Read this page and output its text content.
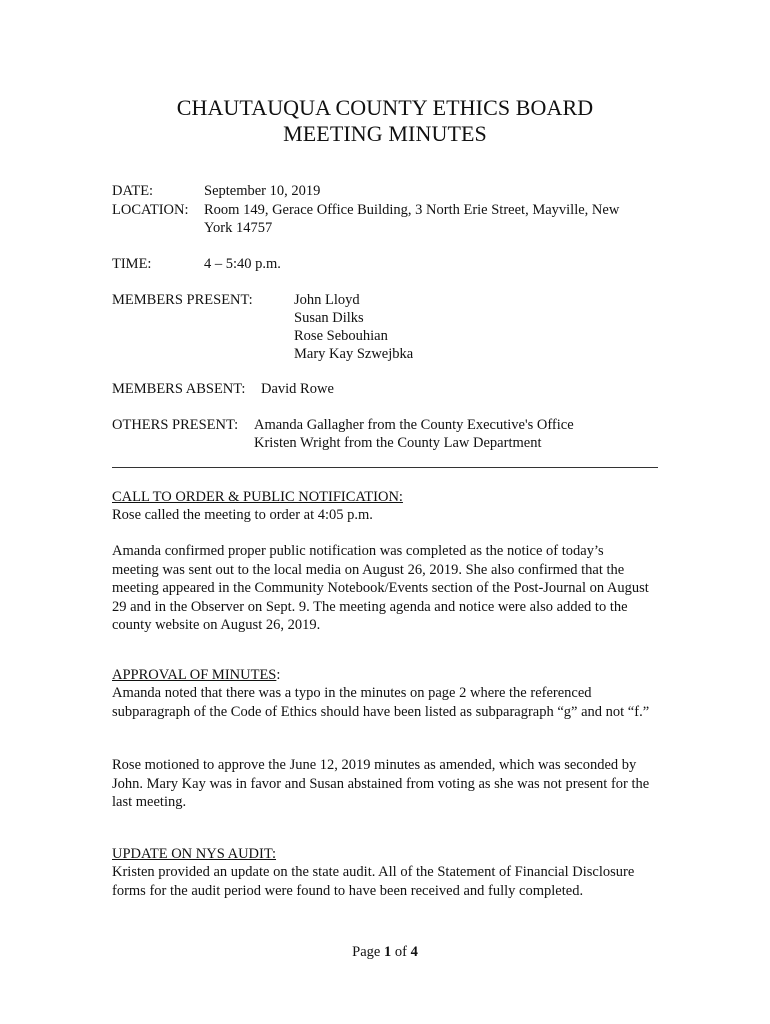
CHAUTAUQUA COUNTY ETHICS BOARD
MEETING MINUTES
DATE:	September 10, 2019
LOCATION: Room 149, Gerace Office Building, 3 North Erie Street, Mayville, New
York 14757
TIME:	4 – 5:40 p.m.
MEMBERS PRESENT:	John Lloyd
Susan Dilks
Rose Sebouhian
Mary Kay Szwejbka
MEMBERS ABSENT: David Rowe
OTHERS PRESENT: Amanda Gallagher from the County Executive's Office
Kristen Wright from the County Law Department
CALL TO ORDER & PUBLIC NOTIFICATION:
Rose called the meeting to order at 4:05 p.m.
Amanda confirmed proper public notification was completed as the notice of today’s meeting was sent out to the local media on August 26, 2019. She also confirmed that the meeting appeared in the Community Notebook/Events section of the Post-Journal on August 29 and in the Observer on Sept. 9. The meeting agenda and notice were also added to the county website on August 26, 2019.
APPROVAL OF MINUTES:
Amanda noted that there was a typo in the minutes on page 2 where the referenced subparagraph of the Code of Ethics should have been listed as subparagraph “g” and not “f.”
Rose motioned to approve the June 12, 2019 minutes as amended, which was seconded by John. Mary Kay was in favor and Susan abstained from voting as she was not present for the last meeting.
UPDATE ON NYS AUDIT:
Kristen provided an update on the state audit. All of the Statement of Financial Disclosure forms for the audit period were found to have been received and fully completed.
Page 1 of 4
